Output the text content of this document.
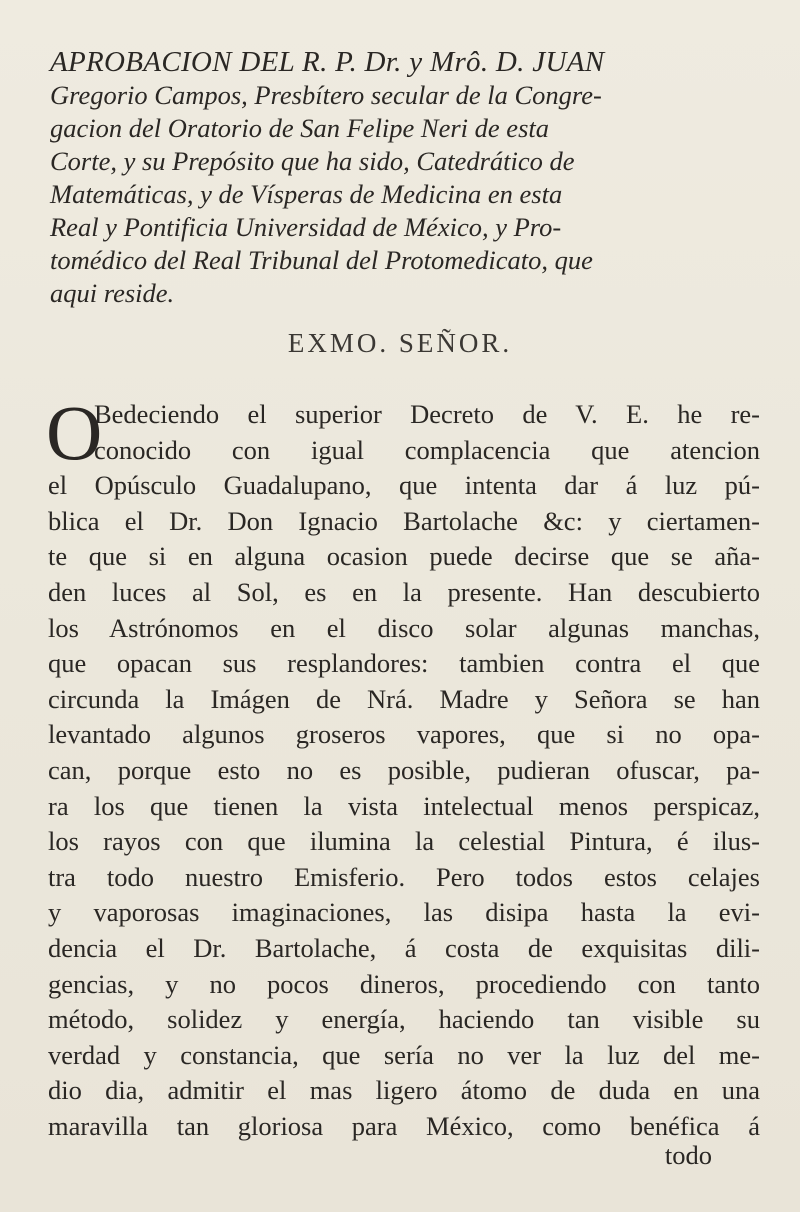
APROBACION DEL R. P. Dr. y Mrô. D. JUAN
Gregorio Campos, Presbítero secular de la Congre-
gacion del Oratorio de San Felipe Neri de esta
Corte, y su Prepósito que ha sido, Catedrático de
Matemáticas, y de Vísperas de Medicina en esta
Real y Pontificia Universidad de México, y Pro-
tomédico del Real Tribunal del Protomedicato, que
aqui reside.
EXMO. SEÑOR.
O
Bedeciendo el superior Decreto de V. E. he re-
conocido con igual complacencia que atencion
el Opúsculo Guadalupano, que intenta dar á luz pú-
blica el Dr. Don Ignacio Bartolache &c: y ciertamen-
te que si en alguna ocasion puede decirse que se aña-
den luces al Sol, es en la presente. Han descubierto
los Astrónomos en el disco solar algunas manchas,
que opacan sus resplandores: tambien contra el que
circunda la Imágen de Nrá. Madre y Señora se han
levantado algunos groseros vapores, que si no opa-
can, porque esto no es posible, pudieran ofuscar, pa-
ra los que tienen la vista intelectual menos perspicaz,
los rayos con que ilumina la celestial Pintura, é ilus-
tra todo nuestro Emisferio. Pero todos estos celajes
y vaporosas imaginaciones, las disipa hasta la evi-
dencia el Dr. Bartolache, á costa de exquisitas dili-
gencias, y no pocos dineros, procediendo con tanto
método, solidez y energía, haciendo tan visible su
verdad y constancia, que sería no ver la luz del me-
dio dia, admitir el mas ligero átomo de duda en una
maravilla tan gloriosa para México, como benéfica á
todo
